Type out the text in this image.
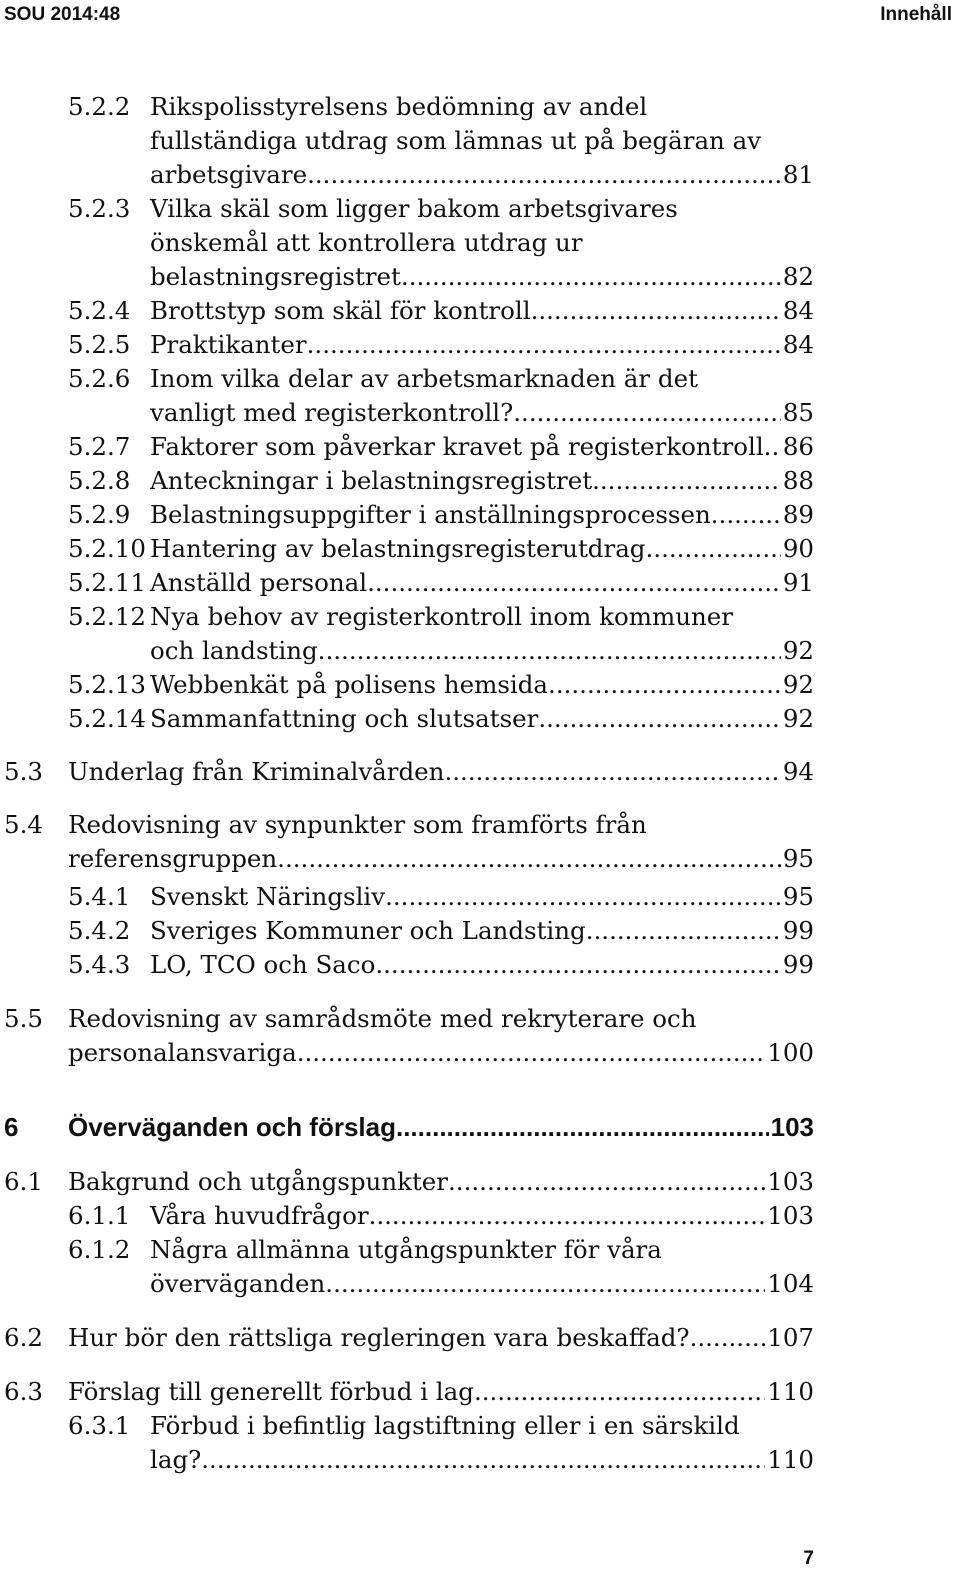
SOU 2014:48	Innehåll
5.2.2 Rikspolisstyrelsens bedömning av andel
fullständiga utdrag som lämnas ut på begäran av
arbetsgivare .....	81
5.2.3 Vilka skäl som ligger bakom arbetsgivares
önskemål att kontrollera utdrag ur
belastningsregistret .....	82
5.2.4 Brottstyp som skäl för kontroll .....	84
5.2.5 Praktikanter .....	84
5.2.6 Inom vilka delar av arbetsmarknaden är det
vanligt med registerkontroll? .....	85
5.2.7 Faktorer som påverkar kravet på registerkontroll ..... 86
5.2.8 Anteckningar i belastningsregistret .....	88
5.2.9 Belastningsuppgifter i anställningsprocessen .....	89
5.2.10 Hantering av belastningsregisterutdrag .....	90
5.2.11 Anställd personal .....	91
5.2.12 Nya behov av registerkontroll inom kommuner
och landsting .....	92
5.2.13 Webbenkät på polisens hemsida .....	92
5.2.14 Sammanfattning och slutsatser .....	92
5.3 Underlag från Kriminalvården .....	94
5.4 Redovisning av synpunkter som framförts från
referensgruppen .....	95
5.4.1 Svenskt Näringsliv .....	95
5.4.2 Sveriges Kommuner och Landsting .....	99
5.4.3 LO, TCO och Saco .....	99
5.5 Redovisning av samrådsmöte med rekryterare och
personalansvariga .....	100
6 Överväganden och förslag .....	103
6.1 Bakgrund och utgångspunkter .....	103
6.1.1 Våra huvudfrågor .....	103
6.1.2 Några allmänna utgångspunkter för våra
överväganden .....	104
6.2 Hur bör den rättsliga regleringen vara beskaffad? .....	107
6.3 Förslag till generellt förbud i lag .....	110
6.3.1 Förbud i befintlig lagstiftning eller i en särskild
lag? .....	110
7
